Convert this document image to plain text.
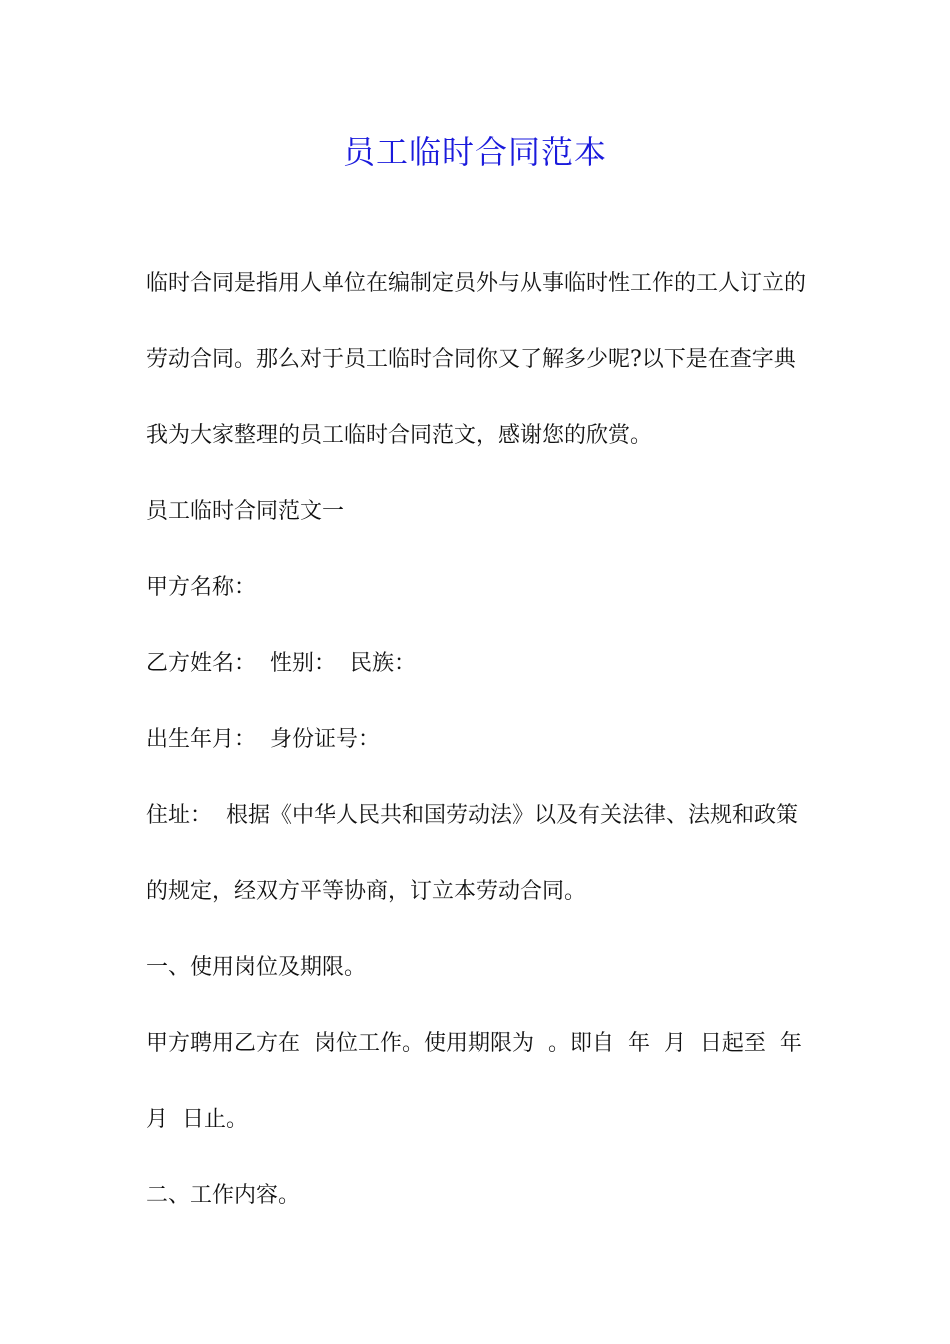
员工临时合同范本

临时合同是指用人单位在编制定员外与从事临时性工作的工人订立的劳动合同。那么对于员工临时合同你又了解多少呢?以下是在查字典我为大家整理的员工临时合同范文，感谢您的欣赏。

员工临时合同范文一

甲方名称：

乙方姓名：  性别：  民族：

出生年月：  身份证号：

住址：  根据《中华人民共和国劳动法》以及有关法律、法规和政策的规定，经双方平等协商，订立本劳动合同。

一、使用岗位及期限。

甲方聘用乙方在  岗位工作。使用期限为  。即自  年  月  日起至  年  月  日止。

二、工作内容。
